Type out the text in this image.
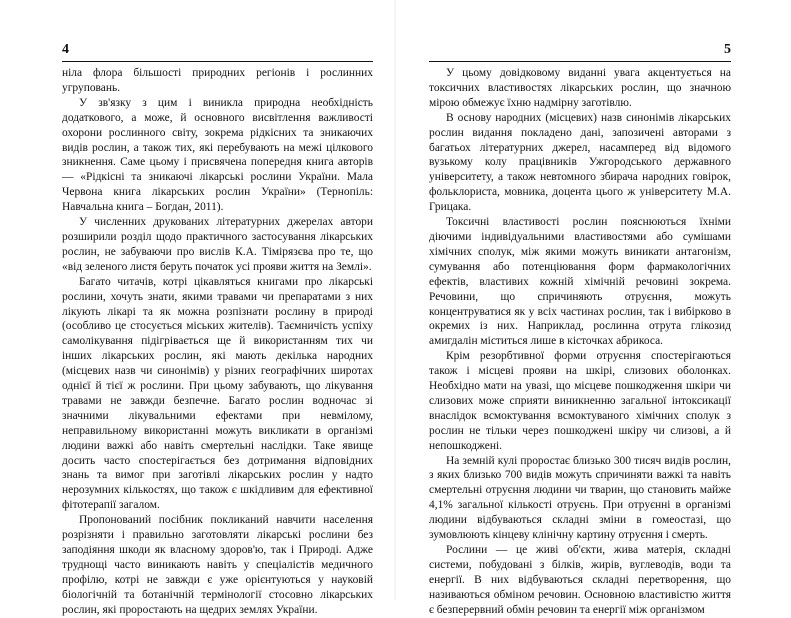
4

ніла флора більшості природних регіонів і рослинних угруповань.

У зв'язку з цим і виникла природна необхідність додаткового, а може, й основного висвітлення важливості охорони рослинного світу, зокрема рідкісних та зникаючих видів рослин, а також тих, які перебувають на межі цілкового зникнення. Саме цьому і присвячена попередня книга авторів — «Рідкісні та зникаючі лікарські рослини України. Мала Червона книга лікарських рослин України» (Тернопіль: Навчальна книга – Богдан, 2011).

У численних друкованих літературних джерелах автори розширили розділ щодо практичного застосування лікарських рослин, не забуваючи про вислів К.А. Тімірязєва про те, що «від зеленого листя беруть початок усі прояви життя на Землі».

Багато читачів, котрі цікавляться книгами про лікарські рослини, хочуть знати, якими травами чи препаратами з них лікують лікарі та як можна розпізнати рослину в природі (особливо це стосується міських жителів). Таємничість успіху самолікування підігрівається ще й використанням тих чи інших лікарських рослин, які мають декілька народних (місцевих назв чи синонімів) у різних географічних широтах однієї й тієї ж рослини. При цьому забувають, що лікування травами не завжди безпечне. Багато рослин водночас зі значними лікувальними ефектами при невмілому, неправильному використанні можуть викликати в організмі людини важкі або навіть смертельні наслідки. Таке явище досить часто спостерігається без дотримання відповідних знань та вимог при заготівлі лікарських рослин у надто нерозумних кількостях, що також є шкідливим для ефективної фітотерапії загалом.

Пропонований посібник покликаний навчити населення розрізняти і правильно заготовляти лікарські рослини без заподіяння шкоди як власному здоров'ю, так і Природі. Адже труднощі часто виникають навіть у спеціалістів медичного профілю, котрі не завжди є уже орієнтуються у науковій біологічній та ботанічній термінології стосовно лікарських рослин, які проростають на щедрих землях України.

5

У цьому довідковому виданні увага акцентується на токсичних властивостях лікарських рослин, що значною мірою обмежує їхню надмірну заготівлю.

В основу народних (місцевих) назв синонімів лікарських рослин видання покладено дані, запозичені авторами з багатьох літературних джерел, насамперед від відомого вузькому колу працівників Ужгородського державного університету, а також невтомного збирача народних говірок, фольклориста, мовника, доцента цього ж університету М.А. Грицака.

Токсичні властивості рослин пояснюються їхніми діючими індивідуальними властивостями або сумішами хімічних сполук, між якими можуть виникати антагонізм, сумування або потенціювання форм фармакологічних ефектів, властивих кожній хімічній речовині зокрема. Речовини, що спричиняють отруєння, можуть концентруватися як у всіх частинах рослин, так і вибірково в окремих із них. Наприклад, рослинна отрута глікозид амигдалін міститься лише в кісточках абрикоса.

Крім резорбтивної форми отруєння спостерігаються також і місцеві прояви на шкірі, слизових оболонках. Необхідно мати на увазі, що місцеве пошкодження шкіри чи слизових може сприяти виникненню загальної інтоксикації внаслідок всмоктування всмоктуваного хімічних сполук з рослин не тільки через пошкоджені шкіру чи слизові, а й непошкоджені.

На земній кулі проростає близько 300 тисяч видів рослин, з яких близько 700 видів можуть спричиняти важкі та навіть смертельні отруєння людини чи тварин, що становить майже 4,1% загальної кількості отруєнь. При отруєнні в організмі людини відбуваються складні зміни в гомеостазі, що зумовлюють кінцеву клінічну картину отруєння і смерть.

Рослини — це живі об'єкти, жива матерія, складні системи, побудовані з білків, жирів, вуглеводів, води та енергії. В них відбуваються складні перетворення, що називаються обміном речовин. Основною властивістю життя є безперервний обмін речовин та енергії між організмом
